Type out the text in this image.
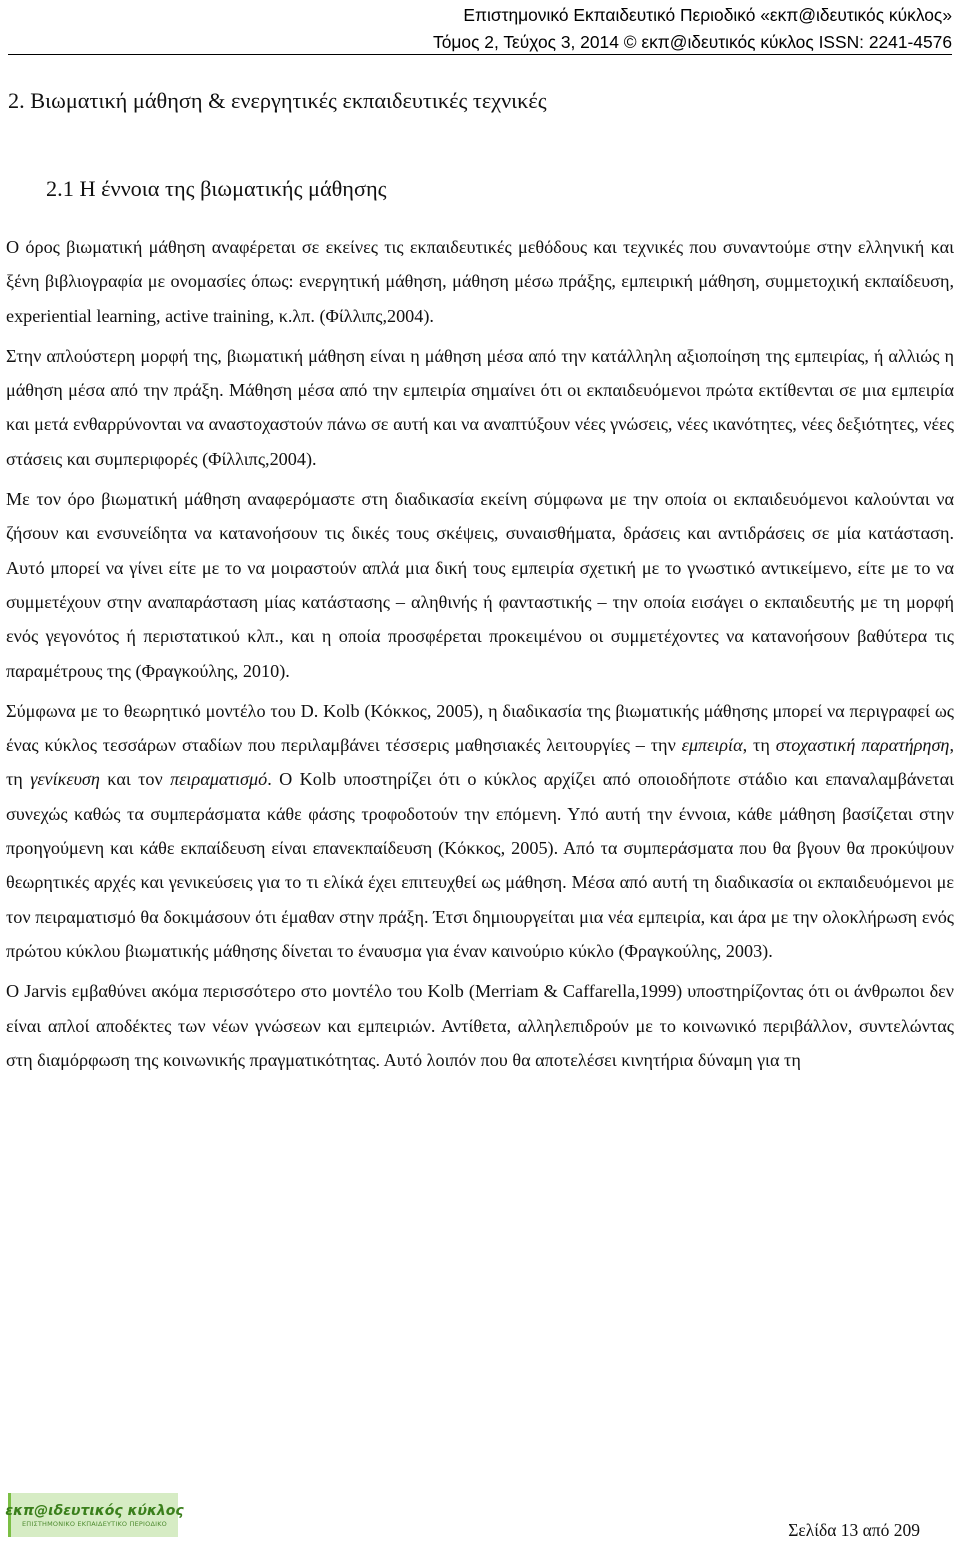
Επιστημονικό Εκπαιδευτικό Περιοδικό «εκπ@ιδευτικός κύκλος»
Τόμος 2, Τεύχος 3, 2014 © εκπ@ιδευτικός κύκλος ISSN: 2241-4576
2. Βιωματική μάθηση & ενεργητικές εκπαιδευτικές τεχνικές
2.1 Η έννοια της βιωματικής μάθησης

Ο όρος βιωματική μάθηση αναφέρεται σε εκείνες τις εκπαιδευτικές μεθόδους και τεχνικές που συναντούμε στην ελληνική και ξένη βιβλιογραφία με ονομασίες όπως: ενεργητική μάθηση, μάθηση μέσω πράξης, εμπειρική μάθηση, συμμετοχική εκπαίδευση, experiential learning, active training, κ.λπ. (Φίλλιπς,2004).

Στην απλούστερη μορφή της, βιωματική μάθηση είναι η μάθηση μέσα από την κατάλληλη αξιοποίηση της εμπειρίας, ή αλλιώς η μάθηση μέσα από την πράξη. Μάθηση μέσα από την εμπειρία σημαίνει ότι οι εκπαιδευόμενοι πρώτα εκτίθενται σε μια εμπειρία και μετά ενθαρρύνονται να αναστοχαστούν πάνω σε αυτή και να αναπτύξουν νέες γνώσεις, νέες ικανότητες, νέες δεξιότητες, νέες στάσεις και συμπεριφορές (Φίλλιπς,2004).

Με τον όρο βιωματική μάθηση αναφερόμαστε στη διαδικασία εκείνη σύμφωνα με την οποία οι εκπαιδευόμενοι καλούνται να ζήσουν και ενσυνείδητα να κατανοήσουν τις δικές τους σκέψεις, συναισθήματα, δράσεις και αντιδράσεις σε μία κατάσταση. Αυτό μπορεί να γίνει είτε με το να μοιραστούν απλά μια δική τους εμπειρία σχετική με το γνωστικό αντικείμενο, είτε με το να συμμετέχουν στην αναπαράσταση μίας κατάστασης – αληθινής ή φανταστικής – την οποία εισάγει ο εκπαιδευτής με τη μορφή ενός γεγονότος ή περιστατικού κλπ., και η οποία προσφέρεται προκειμένου οι συμμετέχοντες να κατανοήσουν βαθύτερα τις παραμέτρους της (Φραγκούλης, 2010).

Σύμφωνα με το θεωρητικό μοντέλο του D. Kolb (Κόκκος, 2005), η διαδικασία της βιωματικής μάθησης μπορεί να περιγραφεί ως ένας κύκλος τεσσάρων σταδίων που περιλαμβάνει τέσσερις μαθησιακές λειτουργίες – την εμπειρία, τη στοχαστική παρατήρηση, τη γενίκευση και τον πειραματισμό. Ο Kolb υποστηρίζει ότι ο κύκλος αρχίζει από οποιοδήποτε στάδιο και επαναλαμβάνεται συνεχώς καθώς τα συμπεράσματα κάθε φάσης τροφοδοτούν την επόμενη. Υπό αυτή την έννοια, κάθε μάθηση βασίζεται στην προηγούμενη και κάθε εκπαίδευση είναι επανεκπαίδευση (Κόκκος, 2005). Από τα συμπεράσματα που θα βγουν θα προκύψουν θεωρητικές αρχές και γενικεύσεις για το τι ελίκά έχει επιτευχθεί ως μάθηση. Μέσα από αυτή τη διαδικασία οι εκπαιδευόμενοι με τον πειραματισμό θα δοκιμάσουν ότι έμαθαν στην πράξη. Έτσι δημιουργείται μια νέα εμπειρία, και άρα με την ολοκλήρωση ενός πρώτου κύκλου βιωματικής μάθησης δίνεται το έναυσμα για έναν καινούριο κύκλο (Φραγκούλης, 2003).

Ο Jarvis εμβαθύνει ακόμα περισσότερο στο μοντέλο του Kolb (Merriam & Caffarella,1999) υποστηρίζοντας ότι οι άνθρωποι δεν είναι απλοί αποδέκτες των νέων γνώσεων και εμπειριών. Αντίθετα, αλληλεπιδρούν με το κοινωνικό περιβάλλον, συντελώντας στη διαμόρφωση της κοινωνικής πραγματικότητας. Αυτό λοιπόν που θα αποτελέσει κινητήρια δύναμη για τη

εκπ@ιδευτικός κύκλος
ΕΠΙΣΤΗΜΟΝΙΚΟ ΕΚΠΑΙΔΕΥΤΙΚΟ ΠΕΡΙΟΔΙΚΟ	Σελίδα 13 από 209
